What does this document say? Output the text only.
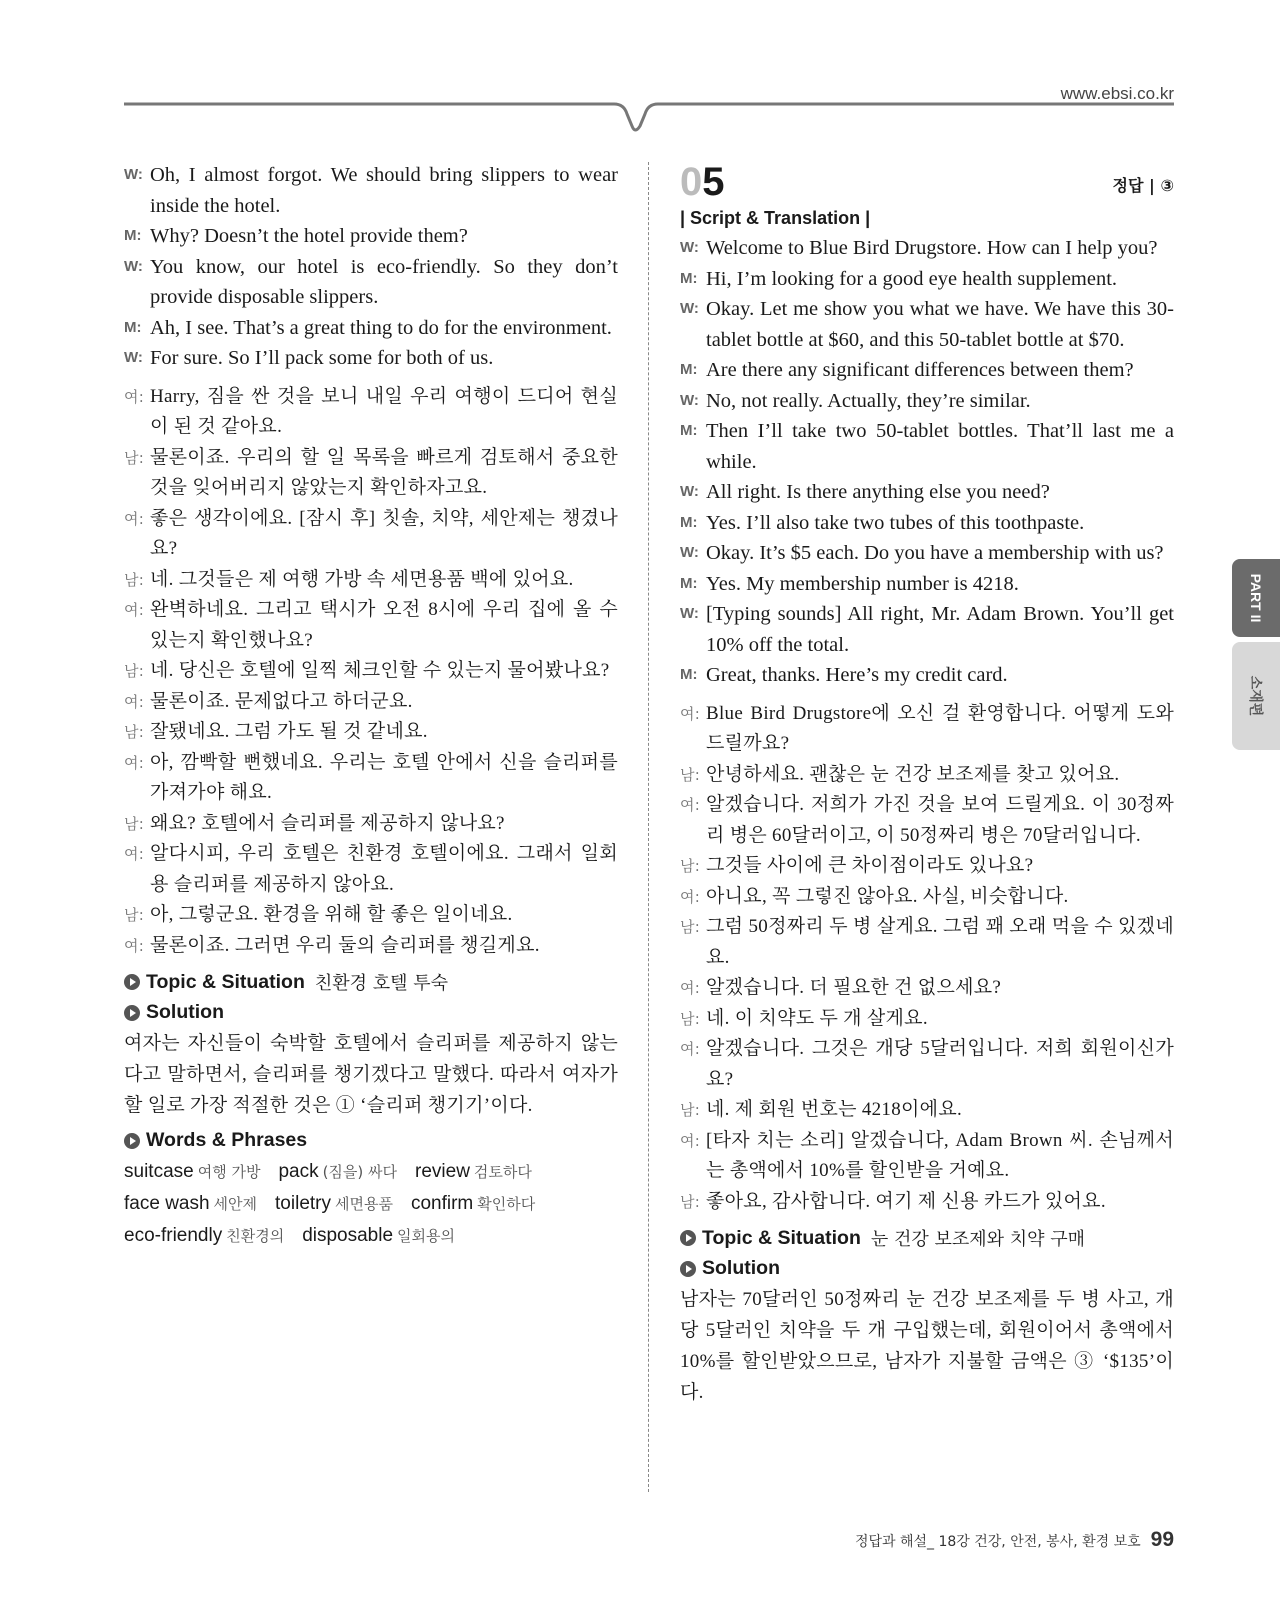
www.ebsi.co.kr
W: Oh, I almost forgot. We should bring slippers to wear inside the hotel.
M: Why? Doesn’t the hotel provide them?
W: You know, our hotel is eco-friendly. So they don’t provide disposable slippers.
M: Ah, I see. That’s a great thing to do for the environment.
W: For sure. So I’ll pack some for both of us.
여: Harry, 짐을 싼 것을 보니 내일 우리 여행이 드디어 현실이 된 것 같아요.
남: 물론이죠. 우리의 할 일 목록을 빠르게 검토해서 중요한 것을 잊어버리지 않았는지 확인하자고요.
여: 좋은 생각이에요. [잠시 후] 칫솔, 치약, 세안제는 챙겼나요?
남: 네. 그것들은 제 여행 가방 속 세면용품 백에 있어요.
여: 완벽하네요. 그리고 택시가 오전 8시에 우리 집에 올 수 있는지 확인했나요?
남: 네. 당신은 호텔에 일찍 체크인할 수 있는지 물어봤나요?
여: 물론이죠. 문제없다고 하더군요.
남: 잘됐네요. 그럼 가도 될 것 같네요.
여: 아, 깜빡할 뻔했네요. 우리는 호텔 안에서 신을 슬리퍼를 가져가야 해요.
남: 왜요? 호텔에서 슬리퍼를 제공하지 않나요?
여: 알다시피, 우리 호텔은 친환경 호텔이에요. 그래서 일회용 슬리퍼를 제공하지 않아요.
남: 아, 그렇군요. 환경을 위해 할 좋은 일이네요.
여: 물론이죠. 그러면 우리 둘의 슬리퍼를 챙길게요.
Topic & Situation 친환경 호텔 투숙
Solution
여자는 자신들이 숙박할 호텔에서 슬리퍼를 제공하지 않는다고 말하면서, 슬리퍼를 챙기겠다고 말했다. 따라서 여자가 할 일로 가장 적절한 것은 ① ‘슬리퍼 챙기기’이다.
Words & Phrases
suitcase 여행 가방 pack (짐을) 싸다 review 검토하다face wash 세안제 toiletry 세면용품 confirm 확인하다eco-friendly 친환경의 disposable 일회용의
05	정답 | ③
| Script & Translation |
W: Welcome to Blue Bird Drugstore. How can I help you?
M: Hi, I’m looking for a good eye health supplement.
W: Okay. Let me show you what we have. We have this 30-tablet bottle at $60, and this 50-tablet bottle at $70.
M: Are there any significant differences between them?
W: No, not really. Actually, they’re similar.
M: Then I’ll take two 50-tablet bottles. That’ll last me a while.
W: All right. Is there anything else you need?
M: Yes. I’ll also take two tubes of this toothpaste.
W: Okay. It’s $5 each. Do you have a membership with us?
M: Yes. My membership number is 4218.
W: [Typing sounds] All right, Mr. Adam Brown. You’ll get 10% off the total.
M: Great, thanks. Here’s my credit card.
여: Blue Bird Drugstore에 오신 걸 환영합니다. 어떻게 도와드릴까요?
남: 안녕하세요. 괜찮은 눈 건강 보조제를 찾고 있어요.
여: 알겠습니다. 저희가 가진 것을 보여 드릴게요. 이 30정짜리 병은 60달러이고, 이 50정짜리 병은 70달러입니다.
남: 그것들 사이에 큰 차이점이라도 있나요?
여: 아니요, 꼭 그렇진 않아요. 사실, 비슷합니다.
남: 그럼 50정짜리 두 병 살게요. 그럼 꽤 오래 먹을 수 있겠네요.
여: 알겠습니다. 더 필요한 건 없으세요?
남: 네. 이 치약도 두 개 살게요.
여: 알겠습니다. 그것은 개당 5달러입니다. 저희 회원이신가요?
남: 네. 제 회원 번호는 4218이에요.
여: [타자 치는 소리] 알겠습니다, Adam Brown 씨. 손님께서는 총액에서 10%를 할인받을 거예요.
남: 좋아요, 감사합니다. 여기 제 신용 카드가 있어요.
Topic & Situation 눈 건강 보조제와 치약 구매
Solution
남자는 70달러인 50정짜리 눈 건강 보조제를 두 병 사고, 개당 5달러인 치약을 두 개 구입했는데, 회원이어서 총액에서 10%를 할인받았으므로, 남자가 지불할 금액은 ③ ‘$135’이다.
PART II
소재편
정답과 해설_ 18강 건강, 안전, 봉사, 환경 보호 99
